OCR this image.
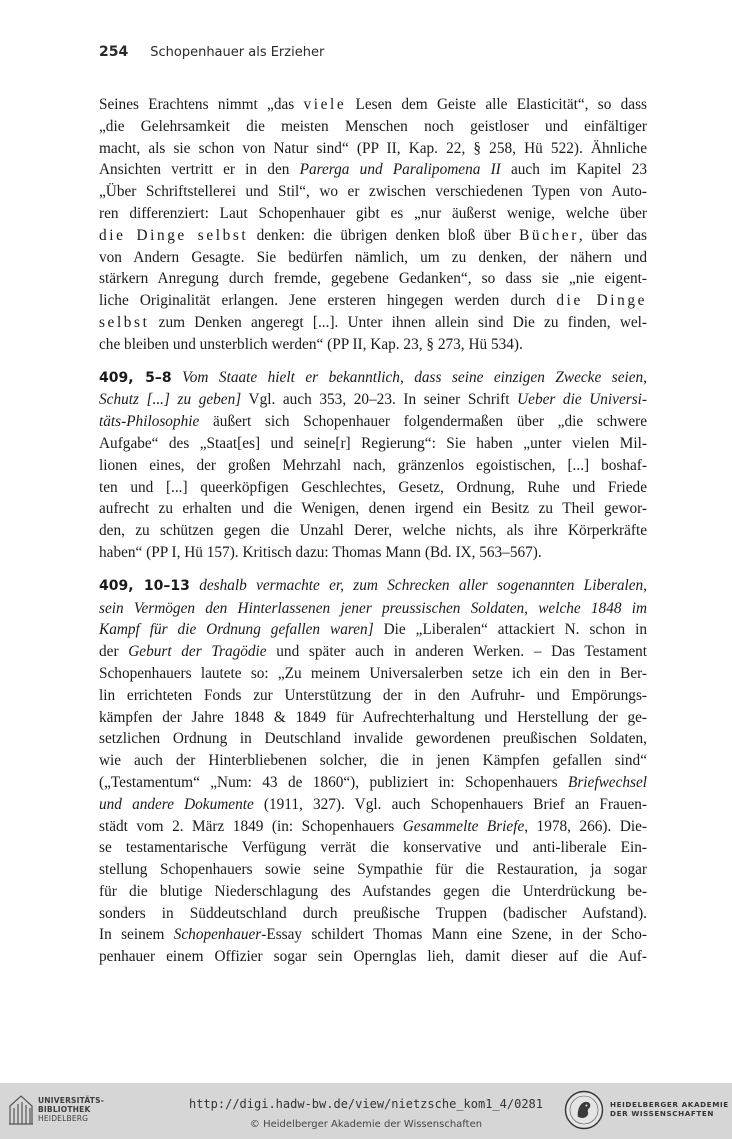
254 Schopenhauer als Erzieher
Seines Erachtens nimmt „das viele Lesen dem Geiste alle Elasticität“, so dass
„die Gelehrsamkeit die meisten Menschen noch geistloser und einfältiger
macht, als sie schon von Natur sind“ (PP II, Kap. 22, § 258, Hü 522). Ähnliche
Ansichten vertritt er in den Parerga und Paralipomena II auch im Kapitel 23
„Über Schriftstellerei und Stil“, wo er zwischen verschiedenen Typen von Auto-
ren differenziert: Laut Schopenhauer gibt es „nur äußerst wenige, welche über
die Dinge selbst denken: die übrigen denken bloß über Bücher, über das
von Andern Gesagte. Sie bedürfen nämlich, um zu denken, der nähern und
stärkern Anregung durch fremde, gegebene Gedanken“, so dass sie „nie eigent-
liche Originalität erlangen. Jene ersteren hingegen werden durch die Dinge
selbst zum Denken angeregt [...]. Unter ihnen allein sind Die zu finden, wel-
che bleiben und unsterblich werden“ (PP II, Kap. 23, § 273, Hü 534).
409, 5–8 Vom Staate hielt er bekanntlich, dass seine einzigen Zwecke seien,
Schutz [...] zu geben] Vgl. auch 353, 20–23. In seiner Schrift Ueber die Universi-
täts-Philosophie äußert sich Schopenhauer folgendermaßen über „die schwere
Aufgabe“ des „Staat[es] und seine[r] Regierung“: Sie haben „unter vielen Mil-
lionen eines, der großen Mehrzahl nach, gränzenlos egoistischen, [...] boshaf-
ten und [...] queerköpfigen Geschlechtes, Gesetz, Ordnung, Ruhe und Friede
aufrecht zu erhalten und die Wenigen, denen irgend ein Besitz zu Theil gewor-
den, zu schützen gegen die Unzahl Derer, welche nichts, als ihre Körperkräfte
haben“ (PP I, Hü 157). Kritisch dazu: Thomas Mann (Bd. IX, 563–567).
409, 10–13 deshalb vermachte er, zum Schrecken aller sogenannten Liberalen,
sein Vermögen den Hinterlassenen jener preussischen Soldaten, welche 1848 im
Kampf für die Ordnung gefallen waren] Die „Liberalen“ attackiert N. schon in
der Geburt der Tragödie und später auch in anderen Werken. – Das Testament
Schopenhauers lautete so: „Zu meinem Universalerben setze ich ein den in Ber-
lin errichteten Fonds zur Unterstützung der in den Aufruhr- und Empörungs-
kämpfen der Jahre 1848 & 1849 für Aufrechterhaltung und Herstellung der ge-
setzlichen Ordnung in Deutschland invalide gewordenen preußischen Soldaten,
wie auch der Hinterbliebenen solcher, die in jenen Kämpfen gefallen sind“
(„Testamentum“ „Num: 43 de 1860“), publiziert in: Schopenhauers Briefwechsel
und andere Dokumente (1911, 327). Vgl. auch Schopenhauers Brief an Frauen-
städt vom 2. März 1849 (in: Schopenhauers Gesammelte Briefe, 1978, 266). Die-
se testamentarische Verfügung verrät die konservative und anti-liberale Ein-
stellung Schopenhauers sowie seine Sympathie für die Restauration, ja sogar
für die blutige Niederschlagung des Aufstandes gegen die Unterdrückung be-
sonders in Süddeutschland durch preußische Truppen (badischer Aufstand).
In seinem Schopenhauer-Essay schildert Thomas Mann eine Szene, in der Scho-
penhauer einem Offizier sogar sein Opernglas lieh, damit dieser auf die Auf-
UNIVERSITÄTS-
BIBLIOTHEK
HEIDELBERG
http://digi.hadw-bw.de/view/nietzsche_kom1_4/0281
© Heidelberger Akademie der Wissenschaften
HEIDELBERGER AKADEMIE
DER WISSENSCHAFTEN
